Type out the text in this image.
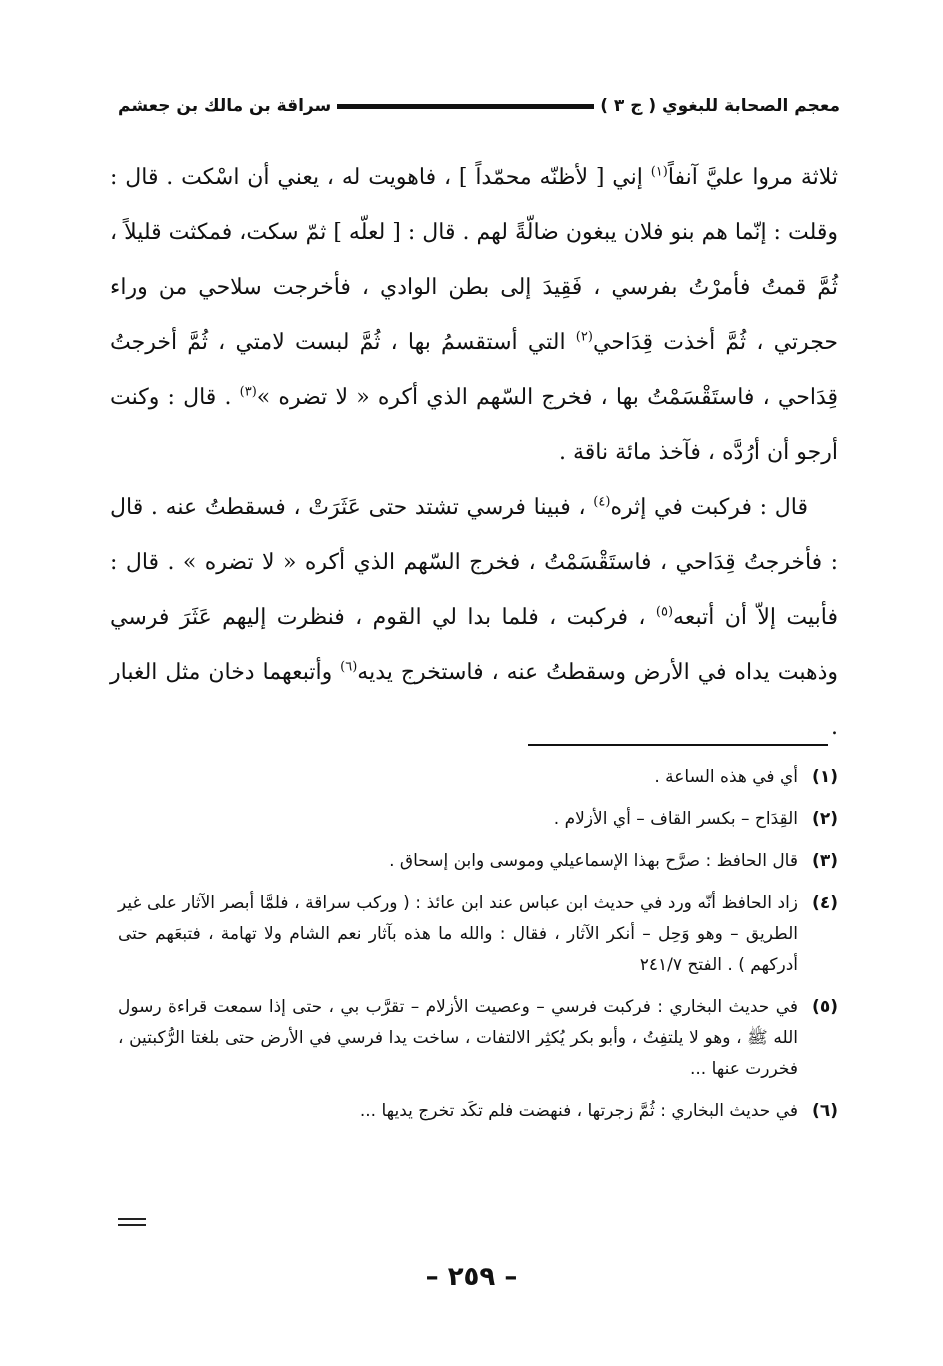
معجم الصحابة للبغوي ( ج ٣ )
سراقة بن مالك بن جعشم

ثلاثة مروا عليَّ آنفاً$^{(١)}$ إني [ لأظنّه محمّداً ] ، فاهويت له ، يعني أن اسْكت . قال : وقلت : إنّما هم بنو فلان يبغون ضالّةً لهم . قال : [ لعلّه ] ثمّ سكت، فمكثت قليلاً ، ثُمَّ قمتُ فأمرْتُ بفرسي ، فَقِيدَ إلى بطن الوادي ، فأخرجت سلاحي من وراء حجرتي ، ثُمَّ أخذت قِدَاحي$^{(٢)}$ التي أستقسمُ بها ، ثُمَّ لبست لامتي ، ثُمَّ أخرجتُ قِدَاحي ، فاستَقْسَمْتُ بها ، فخرج السّهم الذي أكره « لا تضره »$^{(٣)}$ . قال : وكنت أرجو أن أرُدَّه ، فآخذ مائة ناقة .

قال : فركبت في إثره$^{(٤)}$ ، فبينا فرسي تشتد حتى عَثَرَتْ ، فسقطتُ عنه . قال : فأخرجتُ قِدَاحي ، فاستَقْسَمْتُ ، فخرج السّهم الذي أكره « لا تضره » . قال : فأبيت إلاّ أن أتبعه$^{(٥)}$ ، فركبت ، فلما بدا لي القوم ، فنظرت إليهم عَثَرَ فرسي وذهبت يداه في الأرض وسقطتُ عنه ، فاستخرج يديه$^{(٦)}$ وأتبعهما دخان مثل الغبار .

(١)
أي في هذه الساعة .
(٢)
القِدَاح – بكسر القاف – أي الأزلام .
(٣)
قال الحافظ : صرَّح بهذا الإسماعيلي وموسى وابن إسحاق .
(٤)
زاد الحافظ أنّه ورد في حديث ابن عباس عند ابن عائذ : ( وركب سراقة ، فلمَّا أبصر الآثار على غير الطريق – وهو وَحِل – أنكر الآثار ، فقال : والله ما هذه بآثار نعم الشام ولا تهامة ، فتبعَهم حتى أدركهم ) . الفتح ٢٤١/٧
(٥)
في حديث البخاري : فركبت فرسي – وعصيت الأزلام – تقرَّب بي ، حتى إذا سمعت قراءة رسول الله ﷺ ، وهو لا يلتفِتُ ، وأبو بكر يُكثِر الالتفات ، ساخت يدا فرسي في الأرض حتى بلغتا الرُّكبتين ، فخررت عنها ...
(٦)
في حديث البخاري : ثُمَّ زجرتها ، فنهضت فلم تكَد تخرج يديها ...
– ٢٥٩ –
